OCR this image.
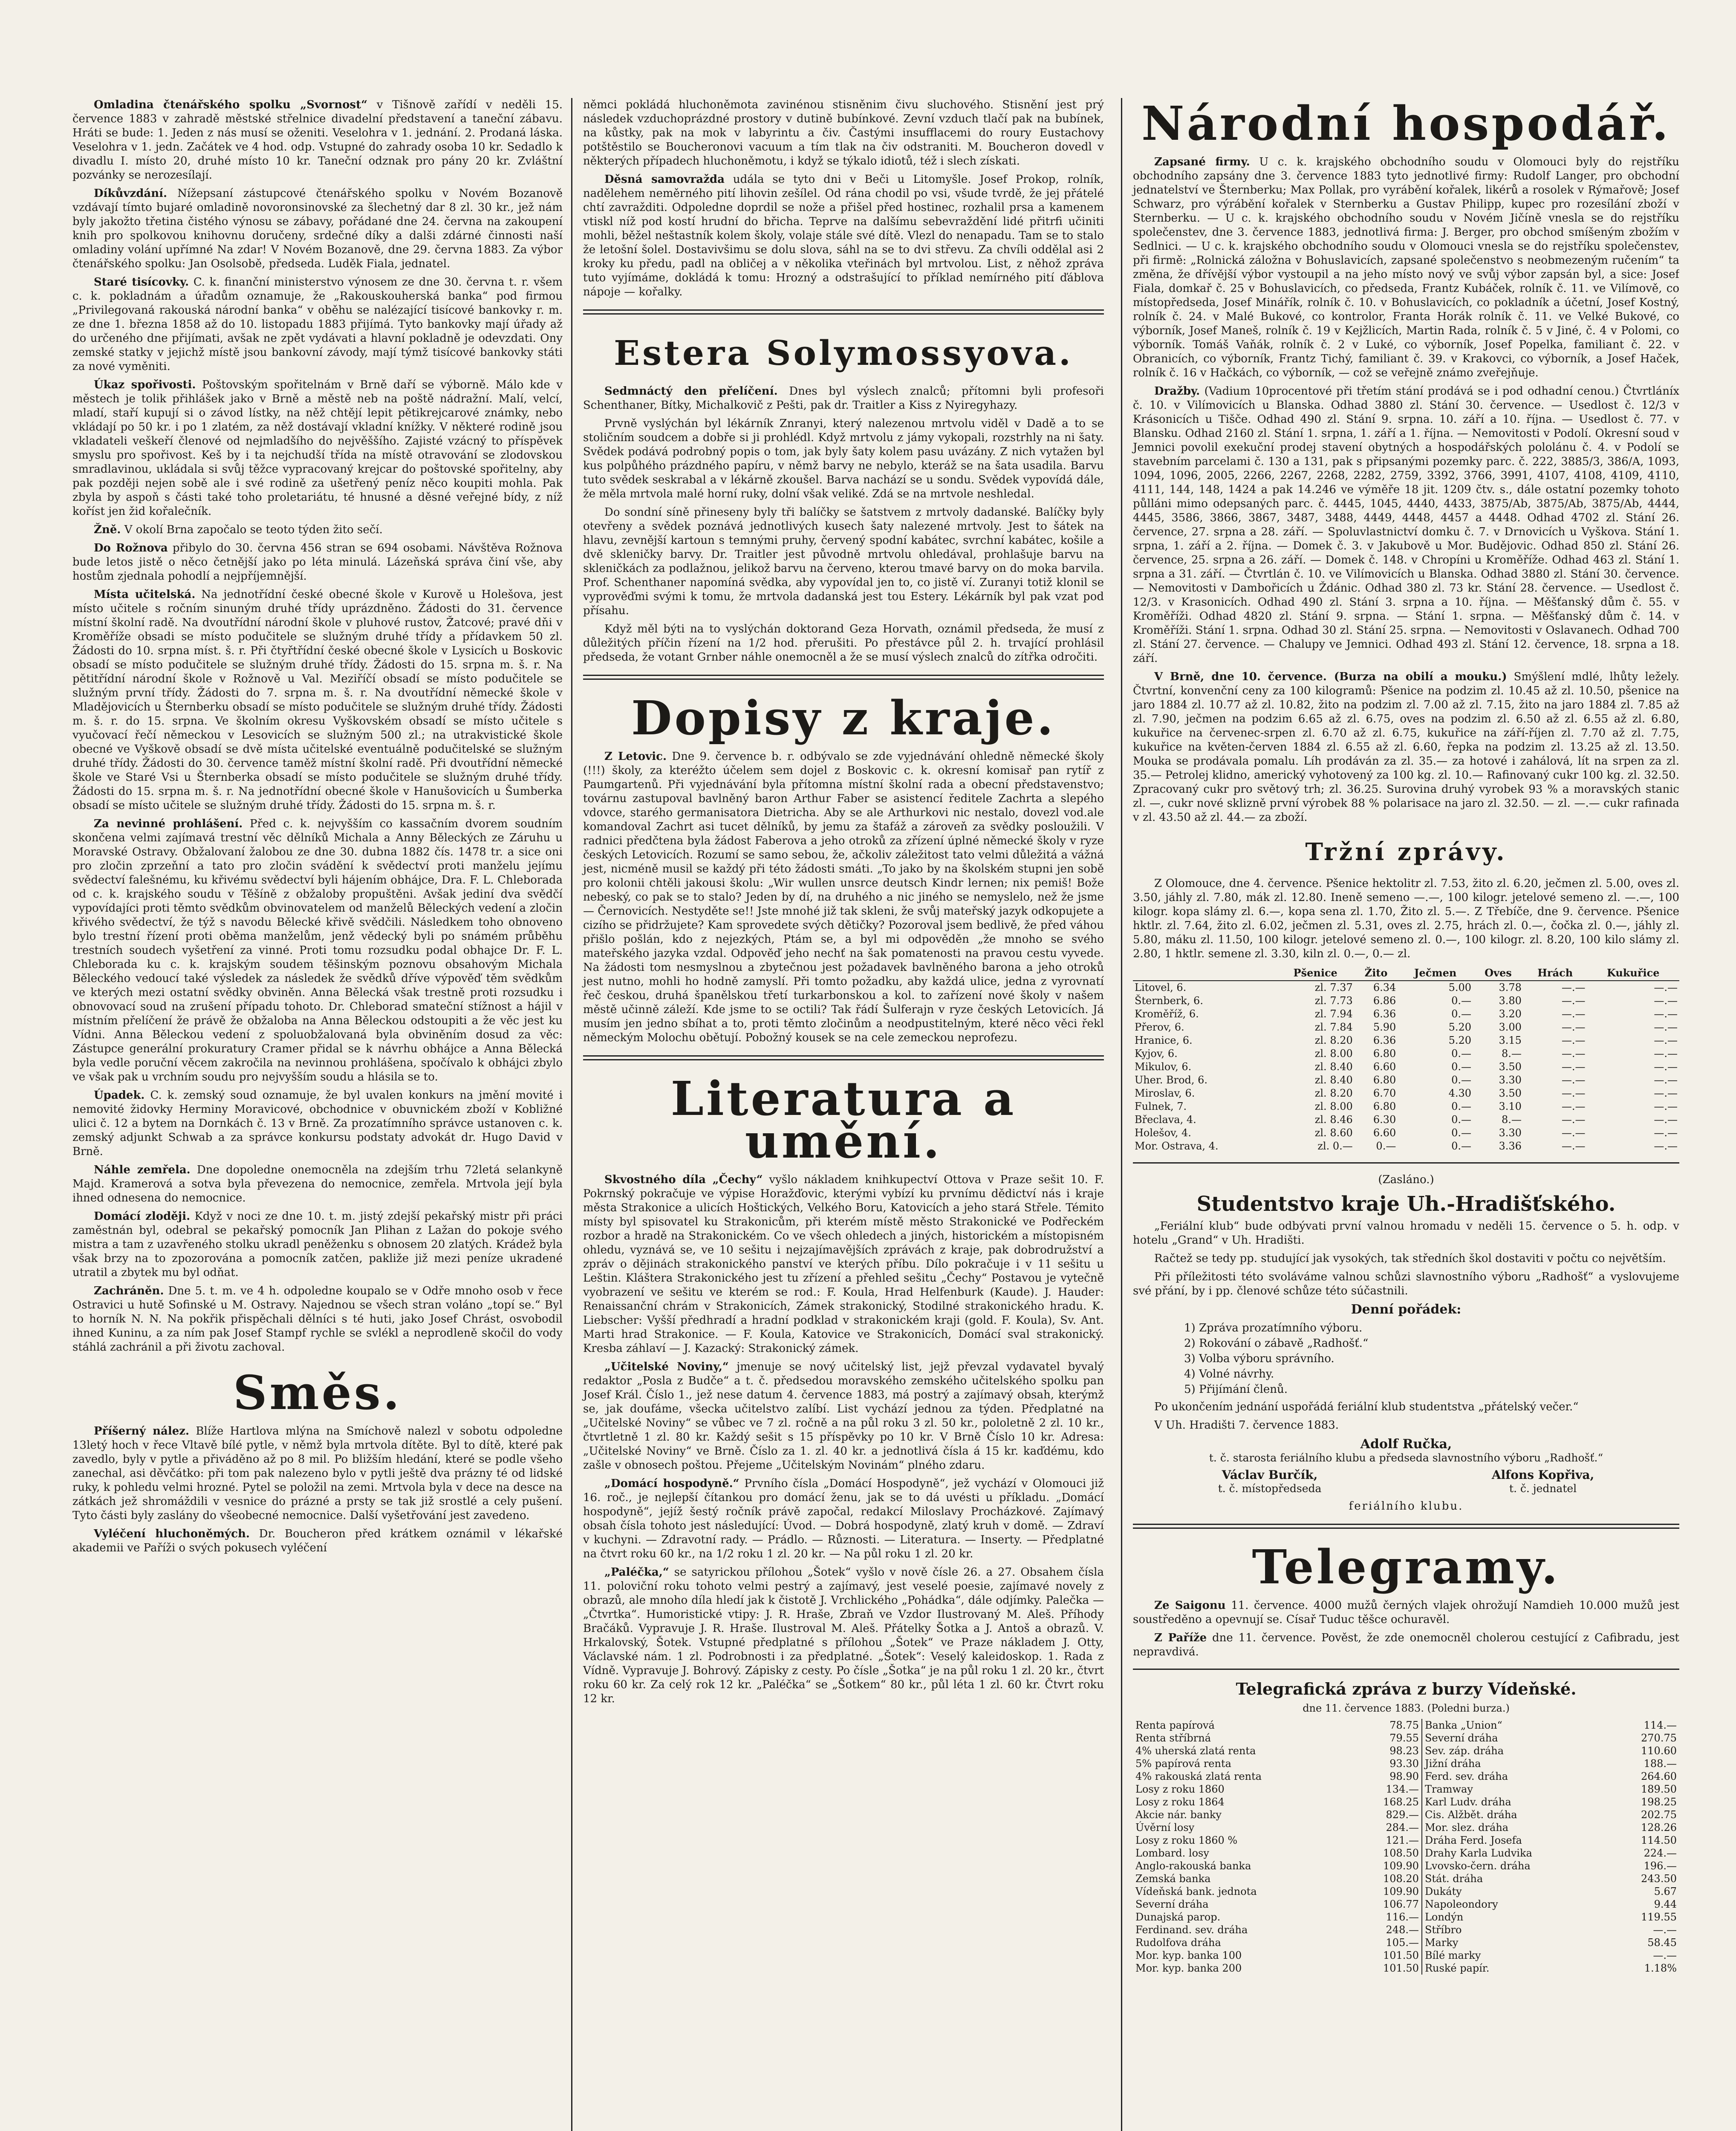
Omladina čtenářského spolku „Svornost“ v Tišnově zařídí v neděli 15. července 1883 v zahradě městské střelnice divadelní představení a taneční zábavu. Hráti se bude: 1. Jeden z nás musí se oženiti. Veselohra v 1. jednání. 2. Prodaná láska. Veselohra v 1. jedn. Začátek ve 4 hod. odp. Vstupné do zahrady osoba 10 kr. Sedadlo k divadlu I. místo 20, druhé místo 10 kr. Taneční odznak pro pány 20 kr. Zvláštní pozvánky se nerozesílají.

Díkůvzdání. Nížepsaní zástupcové čtenářského spolku v Novém Bozanově vzdávají tímto bujaré omladině novoronsinovské za šlechetný dar 8 zl. 30 kr., jež nám byly jakožto třetina čistého výnosu se zábavy, pořádané dne 24. června na zakoupení knih pro spolkovou knihovnu doručeny, srdečné díky a dalši zdárné činnosti naší omladiny volání upřímné Na zdar! V Novém Bozanově, dne 29. června 1883. Za výbor čtenářského spolku: Jan Osolsobě, předseda. Luděk Fiala, jednatel.

Staré tisícovky. C. k. finanční ministerstvo výnosem ze dne 30. června t. r. všem c. k. pokladnám a úřadům oznamuje, že „Rakouskouherská banka“ pod firmou „Privilegovaná rakouská národní banka“ v oběhu se nalézající tisícové bankovky r. m. ze dne 1. března 1858 až do 10. listopadu 1883 přijímá. Tyto bankovky mají úřady až do určeného dne přijímati, avšak ne zpět vydávati a hlavní pokladně je odevzdati. Ony zemské statky v jejichž místě jsou bankovní závody, mají týmž tisícové bankovky státi za nové vyměniti.

Úkaz spořivosti. Poštovským spořitelnám v Brně daří se výborně. Málo kde v městech je tolik přihlášek jako v Brně a městě neb na poště nádražní. Malí, velcí, mladí, staří kupují si o závod lístky, na něž chtějí lepit pětikrejcarové známky, nebo vkládají po 50 kr. i po 1 zlatém, za něž dostávají vkladní knížky. V některé rodině jsou vkladateli veškeří členové od nejmladšího do nejvěššího. Zajisté vzácný to příspěvek smyslu pro spořivost. Keš by i ta nejchudší třída na místě otravování se zlodovskou smradlavinou, ukládala si svůj těžce vypracovaný krejcar do poštovské spořitelny, aby pak později nejen sobě ale i své rodině za ušetřený peníz něco koupiti mohla. Pak zbyla by aspoň s části také toho proletariátu, té hnusné a děsné veřejné bídy, z níž koříst jen žid kořalečník.

Žně. V okolí Brna započalo se teoto týden žito sečí.

Do Rožnova přibylo do 30. června 456 stran se 694 osobami. Návštěva Rožnova bude letos jistě o něco četnější jako po léta minulá. Lázeňská správa činí vše, aby hostům zjednala pohodlí a nejpříjemnější.

Místa učitelská. Na jednotřídní české obecné škole v Kurově u Holešova, jest místo učitele s ročním sinuným druhé třídy uprázdněno. Žádosti do 31. července místní školní radě. Na dvoutřídní národní škole v pluhové rustov, Žatcové; pravé dňi v Kroměříže obsadi se místo podučitele se služným druhé třídy a přídavkem 50 zl. Žádosti do 10. srpna míst. š. r. Při čtyřtřídní české obecné škole v Lysicích u Boskovic obsadí se místo podučitele se služným druhé třídy. Žádosti do 15. srpna m. š. r. Na pětitřídní národní škole v Rožnově u Val. Meziříčí obsadí se místo podučitele se služným první třídy. Žádosti do 7. srpna m. š. r. Na dvoutřídní německé škole v Mladějovicích u Šternberku obsadí se místo podučitele se služným druhé třídy. Žádosti m. š. r. do 15. srpna. Ve školním okresu Vyškovském obsadí se místo učitele s vyučovací řečí německou v Lesovicích se služným 500 zl.; na utrakvistické škole obecné ve Vyškově obsadí se dvě místa učitelské eventuálně podučitelské se služným druhé třídy. Žádosti do 30. července taměž místní školní radě. Při dvoutřídní německé škole ve Staré Vsi u Šternberka obsadí se místo podučitele se služným druhé třídy. Žádosti do 15. srpna m. š. r. Na jednotřídní obecné škole v Hanušovicích u Šumberka obsadí se místo učitele se služným druhé třídy. Žádosti do 15. srpna m. š. r.

Za nevinné prohlášení. Před c. k. nejvyšším co kassačním dvorem soudním skončena velmi zajímavá trestní věc dělníků Michala a Anny Běleckých ze Záruhu u Moravské Ostravy. Obžalovaní žalobou ze dne 30. dubna 1882 čís. 1478 tr. a sice oni pro zločin zprzeňní a tato pro zločin svádění k svědectví proti manželu jejímu svědectví falešnému, ku křivému svědectví byli hájením obhájce, Dra. F. L. Chleborada od c. k. krajského soudu v Těšíně z obžaloby propuštěni. Avšak jediní dva svědčí vypovídajíci proti těmto svědkům obvinovatelem od manželů Běleckých vedení a zločin křivého svědectví, že týž s navodu Bělecké křivě svědčili. Následkem toho obnoveno bylo trestní řízení proti oběma manželům, jenž vědecký byli po snámém průběhu trestních soudech vyšetření za vinné. Proti tomu rozsudku podal obhajce Dr. F. L. Chleborada ku c. k. krajským soudem těšinským poznovu obsahovým Michala Běleckého vedoucí také výsledek za následek že svědků dříve výpověď těm svědkům ve kterých mezi ostatní svědky obviněn. Anna Bělecká však trestně proti rozsudku i obnovovací soud na zrušení případu tohoto. Dr. Chleborad smateční stížnost a hájil v místním přelíčení že právě že obžaloba na Anna Běleckou odstoupiti a že věc jest ku Vídni. Anna Běleckou vedení z spoluobžalovaná byla obviněním dosud za věc: Zástupce generální prokuratury Cramer přidal se k návrhu obhájce a Anna Bělecká byla vedle poruční věcem zakročila na nevinnou prohlášena, spočívalo k obhájci zbylo ve však pak u vrchním soudu pro nejvyšším soudu a hlásila se to.

Úpadek. C. k. zemský soud oznamuje, že byl uvalen konkurs na jmění movité i nemovité židovky Herminy Moravicové, obchodnice v obuvnickém zboží v Kobližné ulici č. 12 a bytem na Dornkách č. 13 v Brně. Za prozatímního správce ustanoven c. k. zemský adjunkt Schwab a za správce konkursu podstaty advokát dr. Hugo David v Brně.

Náhle zemřela. Dne dopoledne onemocněla na zdejším trhu 72letá selankyně Majd. Kramerová a sotva byla převezena do nemocnice, zemřela. Mrtvola její byla ihned odnesena do nemocnice.

Domácí zloději. Když v noci ze dne 10. t. m. jistý zdejší pekařský mistr při práci zaměstnán byl, odebral se pekařský pomocník Jan Plihan z Lažan do pokoje svého mistra a tam z uzavřeného stolku ukradl peněženku s obnosem 20 zlatých. Krádež byla však brzy na to zpozorována a pomocník zatčen, pakliže již mezi peníze ukradené utratil a zbytek mu byl odňat.

Zachráněn. Dne 5. t. m. ve 4 h. odpoledne koupalo se v Odře mnoho osob v řece Ostravici u hutě Sofinské u M. Ostravy. Najednou se všech stran voláno „topí se.“ Byl to horník N. N. Na pokřik přispěchali dělníci s té huti, jako Josef Chrást, osvobodil ihned Kuninu, a za ním pak Josef Stampf rychle se svlékl a neprodleně skočil do vody stáhlá zachránil a při životu zachoval.

Směs.

Příšerný nález. Blíže Hartlova mlýna na Smíchově nalezl v sobotu odpoledne 13letý hoch v řece Vltavě bílé pytle, v němž byla mrtvola dítěte. Byl to dítě, které pak zavedlo, byly v pytle a přiváděno až po 8 mil. Po bližším hledání, které se podle všeho zanechal, asi děvčátko: při tom pak nalezeno bylo v pytli ještě dva prázny té od lidské ruky, k pohledu velmi hrozné. Pytel se položil na zemi. Mrtvola byla v dece na desce na zátkách jež shromáždili v vesnice do prázné a prsty se tak již srostlé a cely pušení. Tyto části byly zaslány do všeobecné nemocnice. Další vyšetřování jest zavedeno.

Vyléčení hluchoněmých. Dr. Boucheron před krátkem oznámil v lékařské akademii ve Paříži o svých pokusech vyléčení

němci pokládá hluchoněmota zavinénou stisněnim čivu sluchového. Stisnění jest prý následek vzduchoprázdné prostory v dutině bubínkové. Zevní vzduch tlačí pak na bubínek, na kůstky, pak na mok v labyrintu a čiv. Častými insufflacemi do roury Eustachovy potštěstilo se Boucheronovi vacuum a tím tlak na čiv odstraniti. M. Boucheron dovedl v některých případech hluchoněmotu, i když se týkalo idiotů, též i slech získati.

Děsná samovražda udála se tyto dni v Beči u Litomyšle. Josef Prokop, rolník, nadělehem neměrného pití lihovin zešílel. Od rána chodil po vsi, všude tvrdě, že jej přátelé chtí zavražditi. Odpoledne doprdil se nože a přišel před hostinec, rozhalil prsa a kamenem vtiskl níž pod kostí hrudní do břicha. Teprve na dalšímu sebevraždění lidé přitrfi učiniti mohli, běžel neštastník kolem školy, volaje stále své dítě. Vlezl do nenapadu. Tam se to stalo že letošní šolel. Dostavivšimu se dolu slova, sáhl na se to dvi střevu. Za chvíli oddělal asi 2 kroky ku předu, padl na obličej a v několika vteřinách byl mrtvolou. List, z něhož zpráva tuto vyjímáme, dokládá k tomu: Hrozný a odstrašující to příklad nemírného pití ďáblova nápoje — kořalky.

Estera Solymossyova.

Sedmnáctý den přelíčení. Dnes byl výslech znalců; přítomni byli profesoři Schenthaner, Bítky, Michalkovič z Pešti, pak dr. Traitler a Kiss z Nyiregyhazy.

Prvně vyslýchán byl lékárník Znranyi, který nalezenou mrtvolu viděl v Dadě a to se stoličním soudcem a dobře si ji prohlédl. Když mrtvolu z jámy vykopali, rozstrhly na ni šaty. Svědek podává podrobný popis o tom, jak byly šaty kolem pasu uvázány. Z nich vytažen byl kus polpůhého prázdného papíru, v němž barvy ne nebylo, kteráž se na šata usadila. Barvu tuto svědek seskrabal a v lékárně zkoušel. Barva nachází se u sondu. Svědek vypovídá dále, že měla mrtvola malé horní ruky, dolní však veliké. Zdá se na mrtvole neshledal.

Do sondní síně přineseny byly tři balíčky se šatstvem z mrtvoly dadanské. Balíčky byly otevřeny a svědek poznává jednotlivých kusech šaty nalezené mrtvoly. Jest to šátek na hlavu, zevnější kartoun s temnými pruhy, červený spodní kabátec, svrchní kabátec, košile a dvě skleničky barvy. Dr. Traitler jest původně mrtvolu ohledával, prohlašuje barvu na skleničkách za podlažnou, jelikož barvu na červeno, kterou tmavé barvy on do moka barvila. Prof. Schenthaner napomíná svědka, aby vypovídal jen to, co jistě ví. Zuranyi totiž klonil se vyprověďmi svými k tomu, že mrtvola dadanská jest tou Estery. Lékárník byl pak vzat pod přísahu.

Když měl býti na to vyslýchán doktorand Geza Horvath, oznámil předseda, že musí z důležitých příčin řízení na 1/2 hod. přerušiti. Po přestávce půl 2. h. trvající prohlásil předseda, že votant Grnber náhle onemocněl a že se musí výslech znalců do zítřka odročiti.

Dopisy z kraje.

Z Letovic. Dne 9. července b. r. odbývalo se zde vyjednávání ohledně německé školy (!!!) školy, za kteréžto účelem sem dojel z Boskovic c. k. okresní komisař pan rytíř z Paumgartenů. Při vyjednávání byla přítomna místní školní rada a obecní představenstvo; továrnu zastupoval bavlněný baron Arthur Faber se asistencí ředitele Zachrta a slepého vdovce, starého germanisatora Dietricha. Aby se ale Arthurkovi nic nestalo, dovezl vod.ale komandoval Zachrt asi tucet dělníků, by jemu za štafáž a zároveň za svědky posloužili. V radnici předčtena byla žádost Faberova a jeho otroků za zřízení úplné německé školy v ryze českých Letovicích. Rozumí se samo sebou, že, ačkoliv záležitost tato velmi důležitá a vážná jest, nicméně musil se každý při této žádosti smáti. „To jako by na školském stupni jen sobě pro kolonii chtěli jakousi školu: „Wir wullen unsrce deutsch Kindr lernen; nix pemiš! Bože nebeský, co pak se to stalo? Jeden by dí, na druhého a nic jiného se nemyslelo, než že jsme — Černovicích. Nestyděte se!! Jste mnohé již tak skleni, že svůj mateřský jazyk odkopujete a cizího se přidržujete? Kam sprovedete svých dětičky? Pozoroval jsem bedlivě, že před váhou přišlo pošlán, kdo z nejezkých, Ptám se, a byl mi odpověděn „že mnoho se svého mateřského jazyka vzdal. Odpověď jeho nechť na šak pomatenosti na pravou cestu vyvede. Na žádosti tom nesmyslnou a zbytečnou jest požadavek bavlněného barona a jeho otroků jest nutno, mohli ho hodně zamyslí. Při tomto požadku, aby každá ulice, jedna z vyrovnatí řeč českou, druhá španělskou třetí turkarbonskou a kol. to zařízení nové školy v našem městě učinně záleží. Kde jsme to se octili? Tak řádí Šulferajn v ryze českých Letovicích. Já musím jen jedno sbíhat a to, proti těmto zločinům a neodpustitelným, které něco věci řekl německým Molochu obětují. Pobožný kousek se na cele zemeckou neprofezu.

Literatura a umění.

Skvostného díla „Čechy“ vyšlo nákladem knihkupectví Ottova v Praze sešit 10. F. Pokrnský pokračuje ve výpise Horažďovic, kterými vybízí ku prvnímu dědictví nás i kraje města Strakonice a ulicích Hoštických, Velkého Boru, Katovicích a jeho stará Střele. Témito místy byl spisovatel ku Strakonicům, při kterém místě město Strakonické ve Podřeckém rozbor a hradě na Strakonickém. Co ve všech ohledech a jiných, historickém a místopisném ohledu, vyznává se, ve 10 sešitu i nejzajímavějších zprávách z kraje, pak dobrodružství a zpráv o dějinách strakonického panství ve kterých příbu. Dílo pokračuje i v 11 sešitu u Leštin. Kláštera Strakonického jest tu zřízení a přehled sešitu „Čechy“ Postavou je vytečně vyobrazení ve sešitu ve kterém se rod.: F. Koula, Hrad Helfenburk (Kaude). J. Hauder: Renaissanční chrám v Strakonicích, Zámek strakonický, Stodilné strakonického hradu. K. Liebscher: Vyšší předhradí a hradní podklad v strakonickém kraji (gold. F. Koula), Sv. Ant. Marti hrad Strakonice. — F. Koula, Katovice ve Strakonicích, Domácí sval strakonický. Kresba záhlaví — J. Kazacký: Strakonický zámek.

„Učitelské Noviny,“ jmenuje se nový učitelský list, jejž převzal vydavatel byvalý redaktor „Posla z Budče“ a t. č. předsedou moravského zemského učitelského spolku pan Josef Král. Číslo 1., jež nese datum 4. července 1883, má postrý a zajímavý obsah, kterýmž se, jak doufáme, všecka učitelstvo zalíbí. List vychází jednou za týden. Předplatné na „Učitelské Noviny“ se vůbec ve 7 zl. ročně a na půl roku 3 zl. 50 kr., pololetně 2 zl. 10 kr., čtvrtletně 1 zl. 80 kr. Každý sešit s 15 příspěvky po 10 kr. V Brně Číslo 10 kr. Adresa: „Učitelské Noviny“ ve Brně. Číslo za 1. zl. 40 kr. a jednotlivá čísla á 15 kr. kaďdému, kdo zašle v obnosech poštou. Přejeme „Učitelským Novinám“ plného zdaru.

„Domácí hospodyně.“ Prvního čísla „Domácí Hospodyně“, jež vychází v Olomouci již 16. roč., je nejlepší čítankou pro domácí ženu, jak se to dá uvésti u příkladu. „Domácí hospodyně“, jejíž šestý ročník právě započal, redakcí Miloslavy Procházkové. Zajímavý obsah čísla tohoto jest následující: Úvod. — Dobrá hospodyně, zlatý kruh v domě. — Zdraví v kuchyni. — Zdravotní rady. — Prádlo. — Různosti. — Literatura. — Inserty. — Předplatné na čtvrt roku 60 kr., na 1/2 roku 1 zl. 20 kr. — Na půl roku 1 zl. 20 kr.

„Paléčka,“ se satyrickou přílohou „Šotek“ vyšlo v nově čísle 26. a 27. Obsahem čísla 11. poloviční roku tohoto velmi pestrý a zajímavý, jest veselé poesie, zajímavé novely z obrazů, ale mnoho díla hledí jak k čistotě J. Vrchlického „Pohádka“, dále odjímky. Palečka — „Čtvrtka“. Humoristické vtipy: J. R. Hraše, Zbraň ve Vzdor Ilustrovaný M. Aleš. Příhody Bračáků. Vypravuje J. R. Hraše. Ilustroval M. Aleš. Přátelky Šotka a J. Antoš a obrazů. V. Hrkalovský, Šotek. Vstupné předplatné s přílohou „Šotek“ ve Praze nákladem J. Otty, Václavské nám. 1 zl. Podrobnosti i za předplatné. „Šotek“: Veselý kaleidoskop. 1. Rada z Vídně. Vypravuje J. Bohrový. Zápisky z cesty. Po čísle „Šotka“ je na půl roku 1 zl. 20 kr., čtvrt roku 60 kr. Za celý rok 12 kr. „Paléčka“ se „Šotkem“ 80 kr., půl léta 1 zl. 60 kr. Čtvrt roku 12 kr.

Národní hospodář.

Zapsané firmy. U c. k. krajského obchodního soudu v Olomouci byly do rejstříku obchodního zapsány dne 3. července 1883 tyto jednotlivé firmy: Rudolf Langer, pro obchodní jednatelství ve Šternberku; Max Pollak, pro vyrábění kořalek, likérů a rosolek v Rýmařově; Josef Schwarz, pro výrábění kořalek v Sternberku a Gustav Philipp, kupec pro rozesílání zboží v Sternberku. — U c. k. krajského obchodního soudu v Novém Jičíně vnesla se do rejstříku společenstev, dne 3. července 1883, jednotlivá firma: J. Berger, pro obchod smíšeným zbožím v Sedlnici. — U c. k. krajského obchodního soudu v Olomouci vnesla se do rejstříku společenstev, při firmě: „Rolnická záložna v Bohuslavicích, zapsané společenstvo s neobmezeným ručením“ ta změna, že dřívější výbor vystoupil a na jeho místo nový ve svůj výbor zapsán byl, a sice: Josef Fiala, domkař č. 25 v Bohuslavicích, co předseda, Frantz Kubáček, rolník č. 11. ve Vilímově, co místopředseda, Josef Minářík, rolník č. 10. v Bohuslavicích, co pokladník a účetní, Josef Kostný, rolník č. 24. v Malé Bukové, co kontrolor, Franta Horák rolník č. 11. ve Velké Bukové, co výborník, Josef Maneš, rolník č. 19 v Kejžlicích, Martin Rada, rolník č. 5 v Jiné, č. 4 v Polomi, co výborník. Tomáš Vaňák, rolník č. 2 v Luké, co výborník, Josef Popelka, familiant č. 22. v Obranicích, co výborník, Frantz Tichý, familiant č. 39. v Krakovci, co výborník, a Josef Haček, rolník č. 16 v Hačkách, co výborník, — což se veřejně známo zveřejňuje.

Dražby. (Vadium 10procentové při třetím stání prodává se i pod odhadní cenou.) Čtvrtláníx č. 10. v Vilímovicích u Blanska. Odhad 3880 zl. Stání 30. července. — Usedlost č. 12/3 v Krásonicích u Tišče. Odhad 490 zl. Stání 9. srpna. 10. září a 10. října. — Usedlost č. 77. v Blansku. Odhad 2160 zl. Stání 1. srpna, 1. září a 1. října. — Nemovitosti v Podolí. Okresní soud v Jemnici povolil exekuční prodej stavení obytných a hospodářských pololánu č. 4. v Podolí se stavebním parcelami č. 130 a 131, pak s připsanými pozemky parc. č. 222, 3885/3, 386/A, 1093, 1094, 1096, 2005, 2266, 2267, 2268, 2282, 2759, 3392, 3766, 3991, 4107, 4108, 4109, 4110, 4111, 144, 148, 1424 a pak 14.246 ve výměře 18 jit. 1209 čtv. s., dále ostatní pozemky tohoto půlláni mimo odepsaných parc. č. 4445, 1045, 4440, 4433, 3875/Ab, 3875/Ab, 3875/Ab, 4444, 4445, 3586, 3866, 3867, 3487, 3488, 4449, 4448, 4457 a 4448. Odhad 4702 zl. Stání 26. července, 27. srpna a 28. září. — Spoluvlastnictví domku č. 7. v Drnovicích u Vyškova. Stání 1. srpna, 1. září a 2. října. — Domek č. 3. v Jakubově u Mor. Budějovic. Odhad 850 zl. Stání 26. července, 25. srpna a 26. září. — Domek č. 148. v Chropíni u Kroměříže. Odhad 463 zl. Stání 1. srpna a 31. září. — Čtvrtlán č. 10. ve Vilímovicích u Blanska. Odhad 3880 zl. Stání 30. července. — Nemovitosti v Dambořicích u Ždánic. Odhad 380 zl. 73 kr. Stání 28. července. — Usedlost č. 12/3. v Krasonicích. Odhad 490 zl. Stání 3. srpna a 10. října. — Měšťanský dům č. 55. v Kroměříži. Odhad 4820 zl. Stání 9. srpna. — Stání 1. srpna. — Měšťanský dům č. 14. v Kroměříži. Stání 1. srpna. Odhad 30 zl. Stání 25. srpna. — Nemovitosti v Oslavanech. Odhad 700 zl. Stání 27. července. — Chalupy ve Jemnici. Odhad 493 zl. Stání 12. července, 18. srpna a 18. září.

V Brně, dne 10. července. (Burza na obilí a mouku.) Smýšlení mdlé, lhůty ležely. Čtvrtní, konvenční ceny za 100 kilogramů: Pšenice na podzim zl. 10.45 až zl. 10.50, pšenice na jaro 1884 zl. 10.77 až zl. 10.82, žito na podzim zl. 7.00 až zl. 7.15, žito na jaro 1884 zl. 7.85 až zl. 7.90, ječmen na podzim 6.65 až zl. 6.75, oves na podzim zl. 6.50 až zl. 6.55 až zl. 6.80, kukuřice na červenec-srpen zl. 6.70 až zl. 6.75, kukuřice na září-říjen zl. 7.70 až zl. 7.75, kukuřice na květen-červen 1884 zl. 6.55 až zl. 6.60, řepka na podzim zl. 13.25 až zl. 13.50. Mouka se prodávala pomalu. Líh prodáván za zl. 35.— za hotové i zahálová, lít na srpen za zl. 35.— Petrolej klidno, americký vyhotovený za 100 kg. zl. 10.— Rafinovaný cukr 100 kg. zl. 32.50. Zpracovaný cukr pro světový trh; zl. 36.25. Surovina druhý vyrobek 93 % a moravských stanic zl. —, cukr nové sklizně první výrobek 88 % polarisace na jaro zl. 32.50. — zl. —.— cukr rafinada v zl. 43.50 až zl. 44.— za zboží.

Tržní zprávy.

Z Olomouce, dne 4. července. Pšenice hektolitr zl. 7.53, žito zl. 6.20, ječmen zl. 5.00, oves zl. 3.50, jáhly zl. 7.80, mák zl. 12.80. Ineně semeno —.—, 100 kilogr. jetelové semeno zl. —.—, 100 kilogr. kopa slámy zl. 6.—, kopa sena zl. 1.70, Žito zl. 5.—. Z Třebíče, dne 9. července. Pšenice hktlr. zl. 7.64, žito zl. 6.02, ječmen zl. 5.31, oves zl. 2.75, hrách zl. 0.—, čočka zl. 0.—, jáhly zl. 5.80, máku zl. 11.50, 100 kilogr. jetelové semeno zl. 0.—, 100 kilogr. zl. 8.20, 100 kilo slámy zl. 2.80, 1 hktlr. semene zl. 3.30, kiln zl. 0.—, 0.— zl.

	Pšenice	Žito	Ječmen	Oves	Hrách	Kukuřice
Litovel, 6.	zl. 7.37	6.34	5.00	3.78	—.—	—.—
Šternberk, 6.	zl. 7.73	6.86	0.—	3.80	—.—	—.—
Kroměříž, 6.	zl. 7.94	6.36	0.—	3.20	—.—	—.—
Přerov, 6.	zl. 7.84	5.90	5.20	3.00	—.—	—.—
Hranice, 6.	zl. 8.20	6.36	5.20	3.15	—.—	—.—
Kyjov, 6.	zl. 8.00	6.80	0.—	8.—	—.—	—.—
Mikulov, 6.	zl. 8.40	6.60	0.—	3.50	—.—	—.—
Uher. Brod, 6.	zl. 8.40	6.80	0.—	3.30	—.—	—.—
Miroslav, 6.	zl. 8.20	6.70	4.30	3.50	—.—	—.—
Fulnek, 7.	zl. 8.00	6.80	0.—	3.10	—.—	—.—
Břeclava, 4.	zl. 8.46	6.30	0.—	8.—	—.—	—.—
Holešov, 4.	zl. 8.60	6.60	0.—	3.30	—.—	—.—
Mor. Ostrava, 4.	zl. 0.—	0.—	0.—	3.36	—.—	—.—

(Zasláno.)

Studentstvo kraje Uh.-Hradišťského.

„Feriální klub“ bude odbývati první valnou hromadu v neděli 15. července o 5. h. odp. v hotelu „Grand“ v Uh. Hradišti.

Račtež se tedy pp. studující jak vysokých, tak středních škol dostaviti v počtu co největším.

Při příležitosti této svoláváme valnou schůzi slavnostního výboru „Radhošť“ a vyslovujeme své přání, by i pp. členové schůze této súčastnili.

Denní pořádek:

1) Zpráva prozatímního výboru.
2) Rokování o zábavě „Radhošť.“
3) Volba výboru správního.
4) Volné návrhy.
5) Přijímání členů.

Po ukončením jednání uspořádá feriální klub studentstva „přátelský večer.“

V Uh. Hradišti 7. července 1883.

Adolf Ručka,
t. č. starosta feriálního klubu a předseda slavnostního výboru „Radhošť.“
Václav Burčík,
t. č. místopředseda
Alfons Kopřiva,
t. č. jednatel

feriálního klubu.

Telegramy.

Ze Saigonu 11. července. 4000 mužů černých vlajek ohrožují Namdieh 10.000 mužů jest soustředěno a opevnují se. Císař Tuduc těšce ochuravěl.

Z Paříže dne 11. července. Pověst, že zde onemocněl cholerou cestující z Cafibradu, jest nepravdivá.

Telegrafická zpráva z burzy Vídeňské.

dne 11. července 1883. (Poledni burza.)

Renta papírová	78.75	Banka „Union“	114.—
Renta stříbrná	79.55	Severní dráha	270.75
4% uherská zlatá renta	98.23	Sev. záp. dráha	110.60
5% papírová renta	93.30	Jižní dráha	188.—
4% rakouská zlatá renta	98.90	Ferd. sev. dráha	264.60
Losy z roku 1860	134.—	Tramway	189.50
Losy z roku 1864	168.25	Karl Ludv. dráha	198.25
Akcie nár. banky	829.—	Cis. Alžbět. dráha	202.75
Úvěrní losy	284.—	Mor. slez. dráha	128.26
Losy z roku 1860 %	121.—	Dráha Ferd. Josefa	114.50
Lombard. losy	108.50	Drahy Karla Ludvika	224.—
Anglo-rakouská banka	109.90	Lvovsko-čern. dráha	196.—
Zemská banka	108.20	Stát. dráha	243.50
Vídeňská bank. jednota	109.90	Dukáty	5.67
Severní dráha	106.77	Napoleondory	9.44
Dunajská parop.	116.—	Londýn	119.55
Ferdinand. sev. dráha	248.—	Stříbro	—.—
Rudolfova dráha	105.—	Marky	58.45
Mor. kyp. banka 100	101.50	Bílé marky	—.—
Mor. kyp. banka 200	101.50	Ruské papír.	1.18%
